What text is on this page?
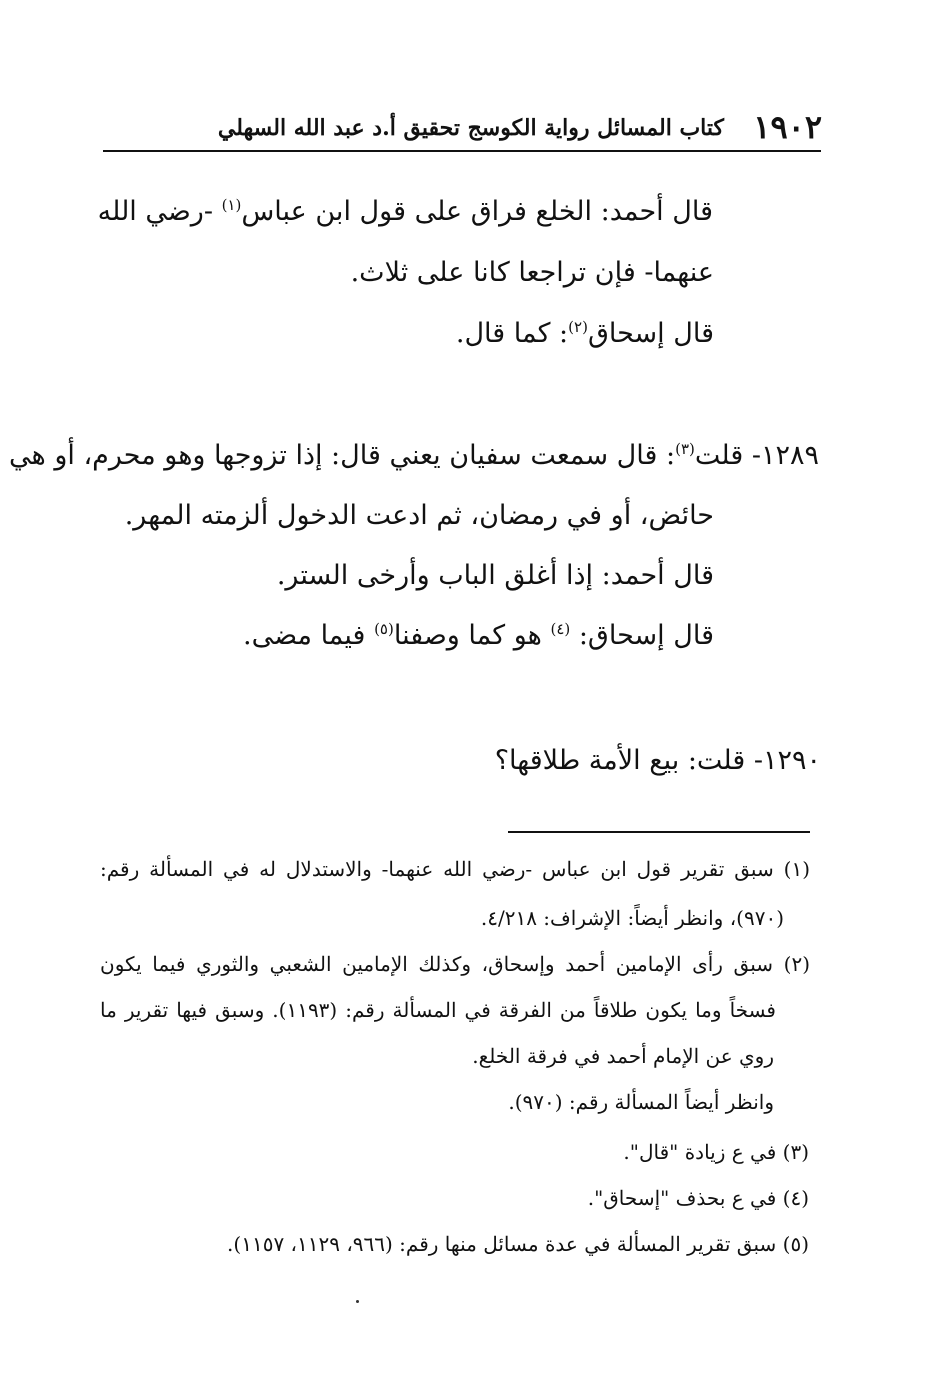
١٩٠٢
كتاب المسائل رواية الكوسج تحقيق أ.د عبد الله السهلي
قال أحمد: الخلع فراق على قول ابن عباس$^{(١)}$ -رضي الله
عنهما- فإن تراجعا كانا على ثلاث.
قال إسحاق$^{(٢)}$: كما قال.
١٢٨٩- قلت$^{(٣)}$: قال سمعت سفيان يعني قال: إذا تزوجها وهو محرم، أو هي
حائض، أو في رمضان، ثم ادعت الدخول ألزمته المهر.
قال أحمد: إذا أغلق الباب وأرخى الستر.
قال إسحاق: $^{(٤)}$ هو كما وصفنا$^{(٥)}$ فيما مضى.
١٢٩٠- قلت: بيع الأمة طلاقها؟
(١) سبق تقرير قول ابن عباس -رضي الله عنهما- والاستدلال له في المسألة رقم:
(٩٧٠)، وانظر أيضاً: الإشراف: ٤/٢١٨.
(٢) سبق رأى الإمامين أحمد وإسحاق، وكذلك الإمامين الشعبي والثوري فيما يكون
فسخاً وما يكون طلاقاً من الفرقة في المسألة رقم: (١١٩٣). وسبق فيها تقرير ما
روي عن الإمام أحمد في فرقة الخلع.
وانظر أيضاً المسألة رقم: (٩٧٠).
(٣) في ع زيادة "قال".
(٤) في ع بحذف "إسحاق".
(٥) سبق تقرير المسألة في عدة مسائل منها رقم: (٩٦٦، ١١٢٩، ١١٥٧).
